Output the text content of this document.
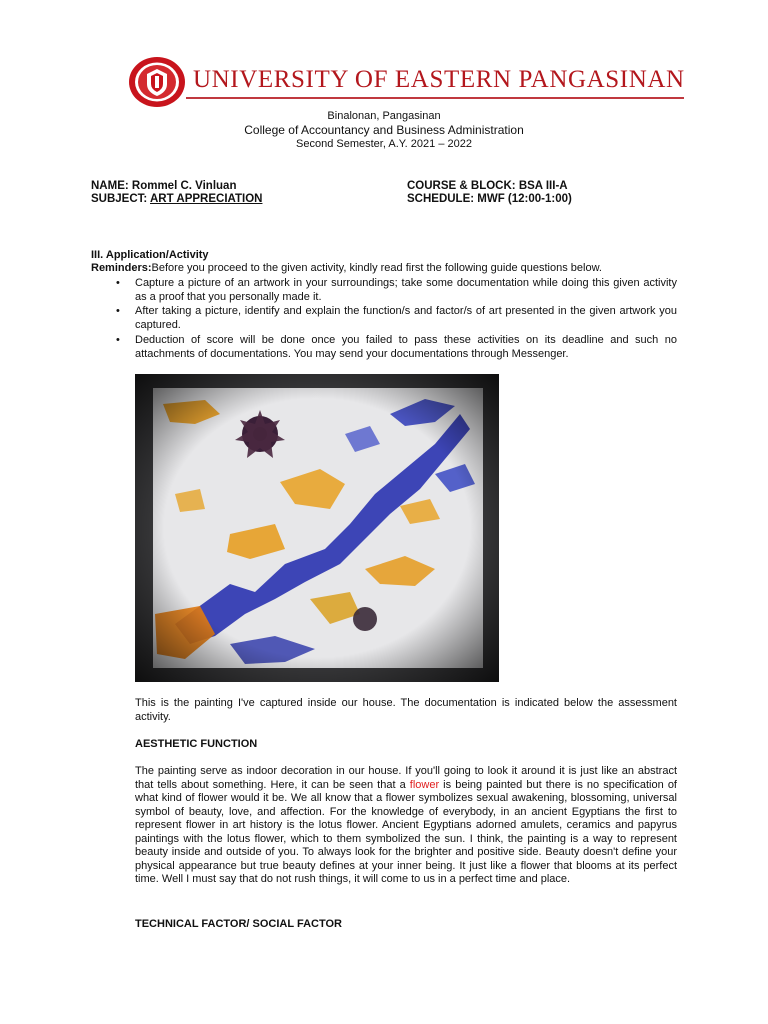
UNIVERSITY OF EASTERN PANGASINAN
Binalonan, Pangasinan
College of Accountancy and Business Administration
Second Semester, A.Y. 2021 – 2022
NAME: Rommel C. Vinluan
SUBJECT: ART APPRECIATION
COURSE & BLOCK: BSA III-A
SCHEDULE: MWF (12:00-1:00)
III. Application/Activity
Reminders:Before you proceed to the given activity, kindly read first the following guide questions below.
• Capture a picture of an artwork in your surroundings; take some documentation while doing this given activity as a proof that you personally made it.
• After taking a picture, identify and explain the function/s and factor/s of art presented in the given artwork you captured.
• Deduction of score will be done once you failed to pass these activities on its deadline and such no attachments of documentations. You may send your documentations through Messenger.
This is the painting I've captured inside our house. The documentation is indicated below the assessment activity.
AESTHETIC FUNCTION
The painting serve as indoor decoration in our house. If you'll going to look it around it is just like an abstract that tells about something. Here, it can be seen that a flower is being painted but there is no specification of what kind of flower would it be. We all know that a flower symbolizes sexual awakening, blossoming, universal symbol of beauty, love, and affection. For the knowledge of everybody, in an ancient Egyptians the first to represent flower in art history is the lotus flower. Ancient Egyptians adorned amulets, ceramics and papyrus paintings with the lotus flower, which to them symbolized the sun. I think, the painting is a way to represent beauty inside and outside of you. To always look for the brighter and positive side. Beauty doesn't define your physical appearance but true beauty defines at your inner being. It just like a flower that blooms at its perfect time. Well I must say that do not rush things, it will come to us in a perfect time and place.
TECHNICAL FACTOR/ SOCIAL FACTOR
